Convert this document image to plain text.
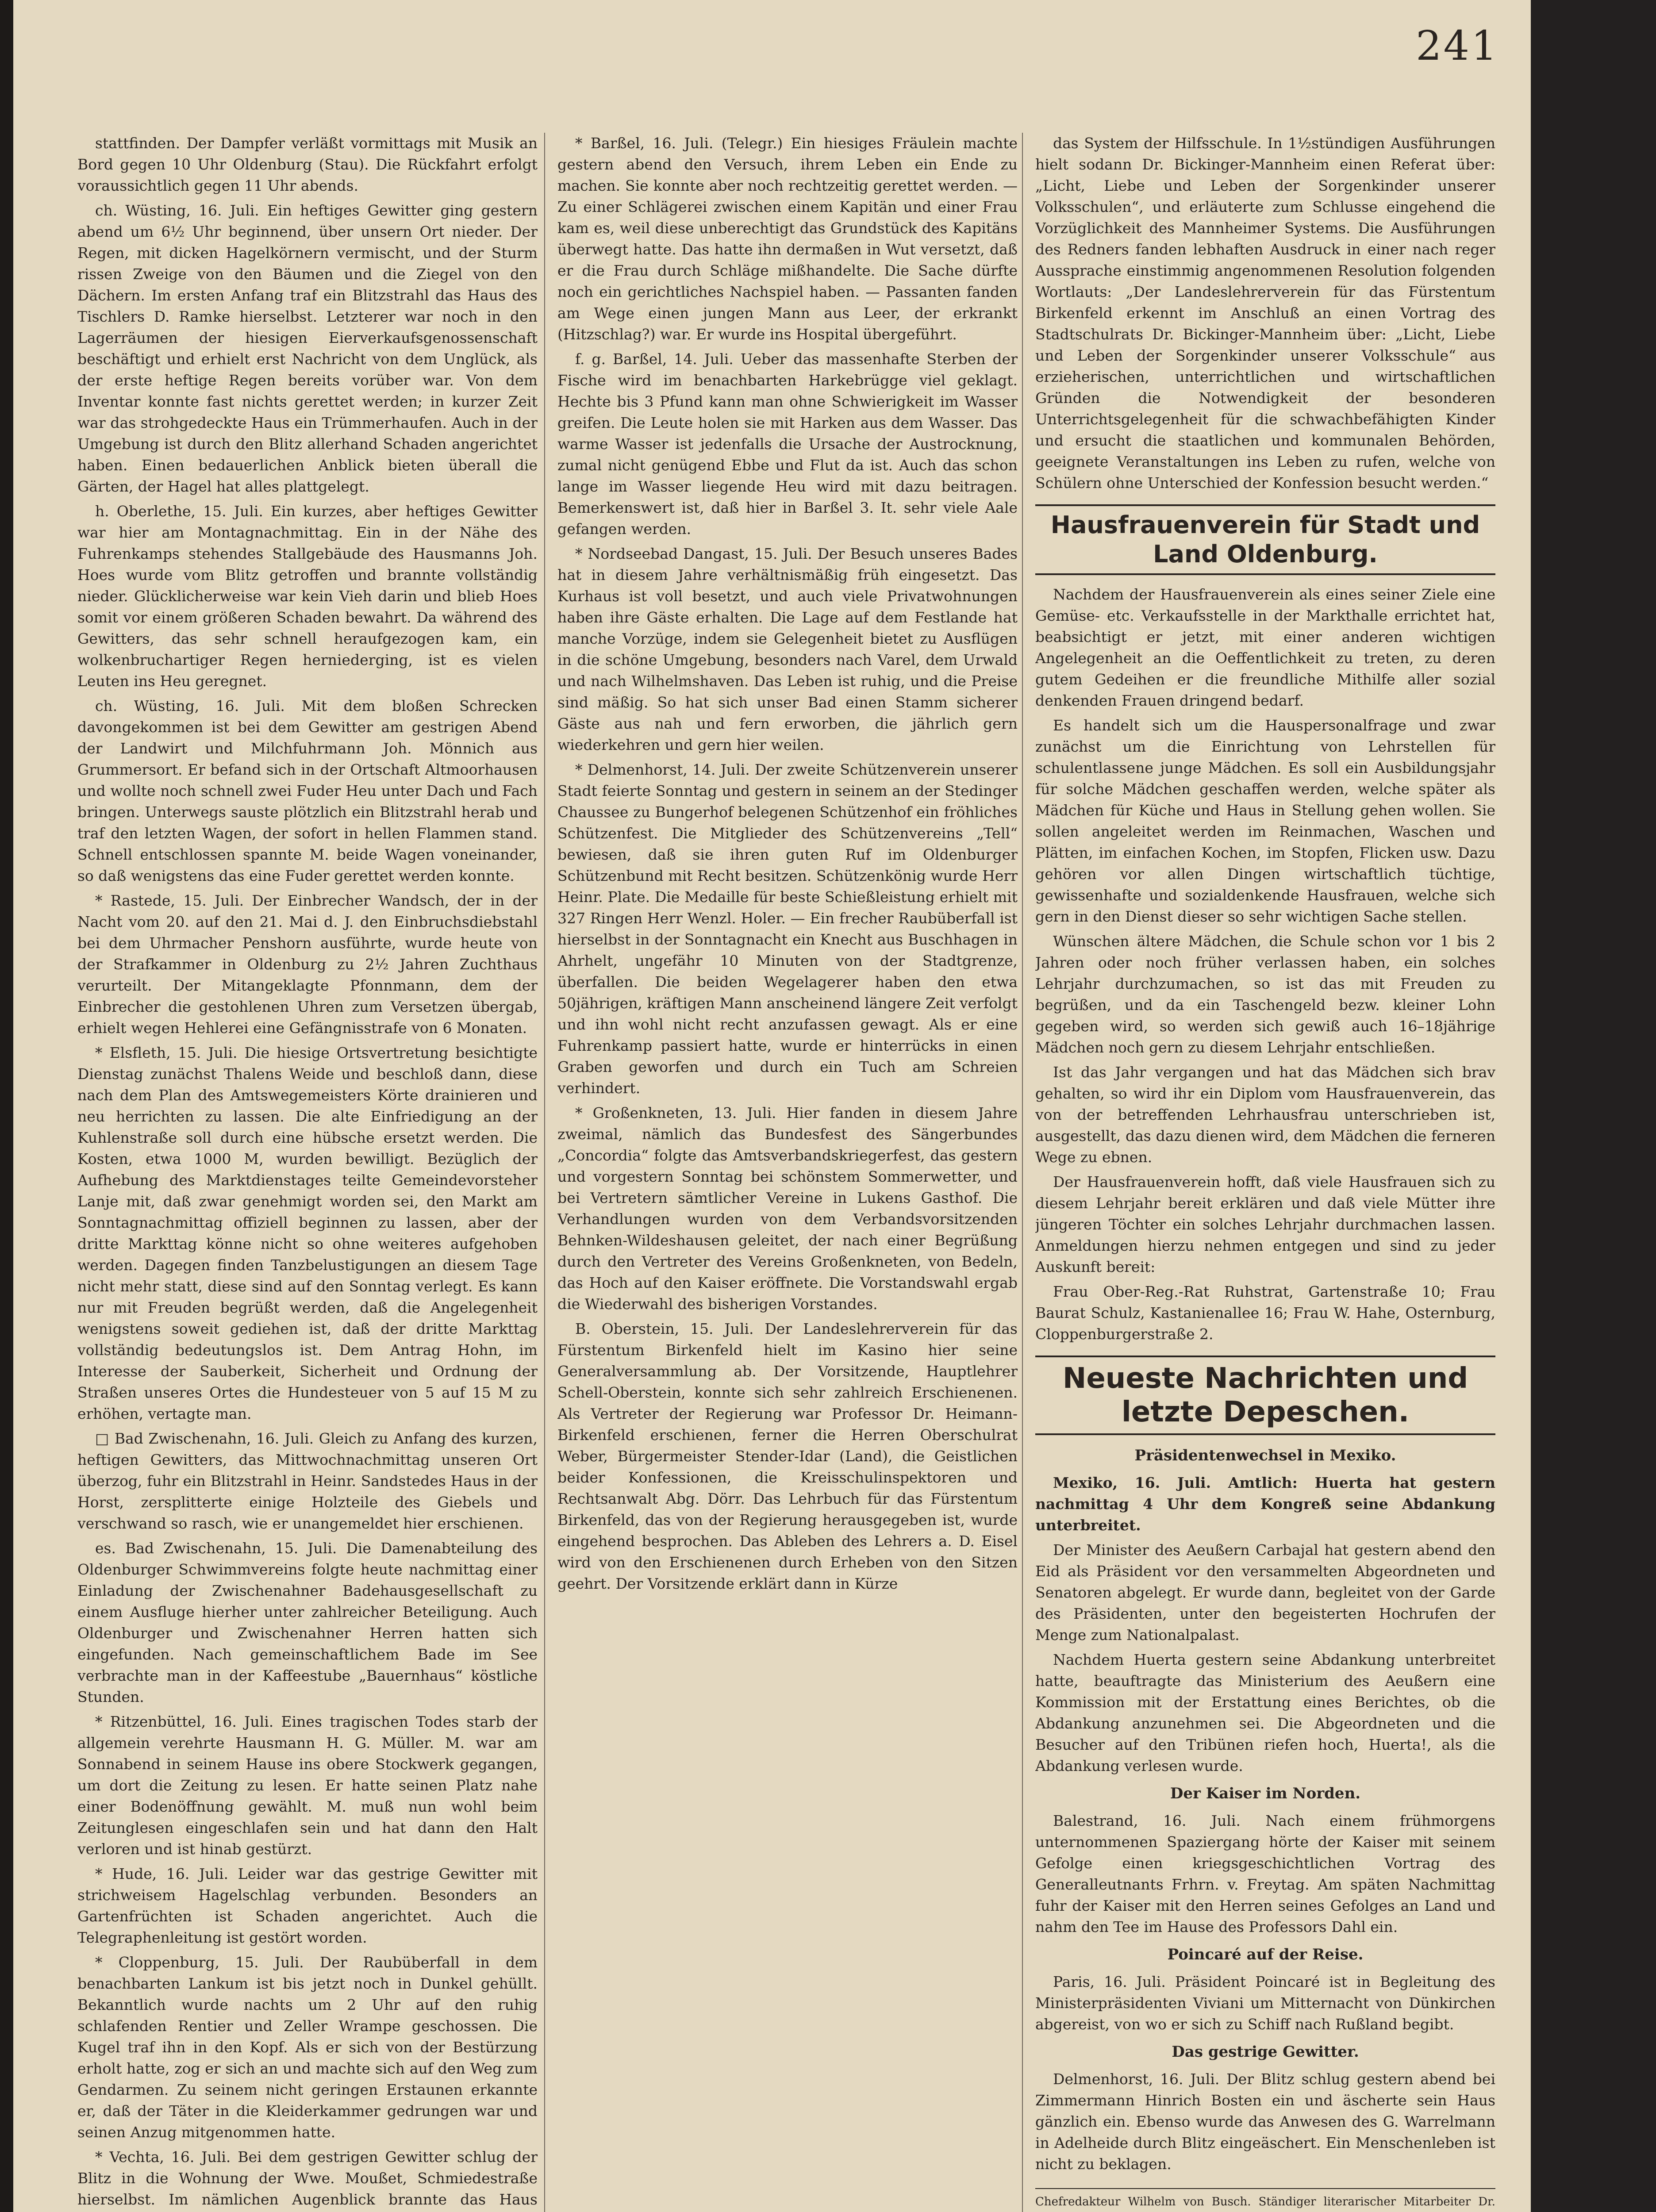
241

stattfinden. Der Dampfer verläßt vormittags mit Musik an Bord gegen 10 Uhr Oldenburg (Stau). Die Rückfahrt erfolgt voraussichtlich gegen 11 Uhr abends.

ch. Wüsting, 16. Juli. Ein heftiges Gewitter ging gestern abend um 6½ Uhr beginnend, über unsern Ort nieder. Der Regen, mit dicken Hagelkörnern vermischt, und der Sturm rissen Zweige von den Bäumen und die Ziegel von den Dächern. Im ersten Anfang traf ein Blitzstrahl das Haus des Tischlers D. Ramke hierselbst. Letzterer war noch in den Lagerräumen der hiesigen Eierverkaufsgenossenschaft beschäftigt und erhielt erst Nachricht von dem Unglück, als der erste heftige Regen bereits vorüber war. Von dem Inventar konnte fast nichts gerettet werden; in kurzer Zeit war das strohgedeckte Haus ein Trümmerhaufen. Auch in der Umgebung ist durch den Blitz allerhand Schaden angerichtet haben. Einen bedauerlichen Anblick bieten überall die Gärten, der Hagel hat alles plattgelegt.

h. Oberlethe, 15. Juli. Ein kurzes, aber heftiges Gewitter war hier am Montagnachmittag. Ein in der Nähe des Fuhrenkamps stehendes Stallgebäude des Hausmanns Joh. Hoes wurde vom Blitz getroffen und brannte vollständig nieder. Glücklicherweise war kein Vieh darin und blieb Hoes somit vor einem größeren Schaden bewahrt. Da während des Gewitters, das sehr schnell heraufgezogen kam, ein wolkenbruchartiger Regen herniederging, ist es vielen Leuten ins Heu geregnet.

ch. Wüsting, 16. Juli. Mit dem bloßen Schrecken davongekommen ist bei dem Gewitter am gestrigen Abend der Landwirt und Milchfuhrmann Joh. Mönnich aus Grummersort. Er befand sich in der Ortschaft Altmoorhausen und wollte noch schnell zwei Fuder Heu unter Dach und Fach bringen. Unterwegs sauste plötzlich ein Blitzstrahl herab und traf den letzten Wagen, der sofort in hellen Flammen stand. Schnell entschlossen spannte M. beide Wagen voneinander, so daß wenigstens das eine Fuder gerettet werden konnte.

* Rastede, 15. Juli. Der Einbrecher Wandsch, der in der Nacht vom 20. auf den 21. Mai d. J. den Einbruchsdiebstahl bei dem Uhrmacher Penshorn ausführte, wurde heute von der Strafkammer in Oldenburg zu 2½ Jahren Zuchthaus verurteilt. Der Mitangeklagte Pfonnmann, dem der Einbrecher die gestohlenen Uhren zum Versetzen übergab, erhielt wegen Hehlerei eine Gefängnisstrafe von 6 Monaten.

* Elsfleth, 15. Juli. Die hiesige Ortsvertretung besichtigte Dienstag zunächst Thalens Weide und beschloß dann, diese nach dem Plan des Amtswegemeisters Körte drainieren und neu herrichten zu lassen. Die alte Einfriedigung an der Kuhlenstraße soll durch eine hübsche ersetzt werden. Die Kosten, etwa 1000 M, wurden bewilligt. Bezüglich der Aufhebung des Marktdienstages teilte Gemeindevorsteher Lanje mit, daß zwar genehmigt worden sei, den Markt am Sonntagnachmittag offiziell beginnen zu lassen, aber der dritte Markttag könne nicht so ohne weiteres aufgehoben werden. Dagegen finden Tanzbelustigungen an diesem Tage nicht mehr statt, diese sind auf den Sonntag verlegt. Es kann nur mit Freuden begrüßt werden, daß die Angelegenheit wenigstens soweit gediehen ist, daß der dritte Markttag vollständig bedeutungslos ist. Dem Antrag Hohn, im Interesse der Sauberkeit, Sicherheit und Ordnung der Straßen unseres Ortes die Hundesteuer von 5 auf 15 M zu erhöhen, vertagte man.

□ Bad Zwischenahn, 16. Juli. Gleich zu Anfang des kurzen, heftigen Gewitters, das Mittwochnachmittag unseren Ort überzog, fuhr ein Blitzstrahl in Heinr. Sandstedes Haus in der Horst, zersplitterte einige Holzteile des Giebels und verschwand so rasch, wie er unangemeldet hier erschienen.

es. Bad Zwischenahn, 15. Juli. Die Damenabteilung des Oldenburger Schwimmvereins folgte heute nachmittag einer Einladung der Zwischenahner Badehausgesellschaft zu einem Ausfluge hierher unter zahlreicher Beteiligung. Auch Oldenburger und Zwischenahner Herren hatten sich eingefunden. Nach gemeinschaftlichem Bade im See verbrachte man in der Kaffeestube „Bauernhaus“ köstliche Stunden.

* Ritzenbüttel, 16. Juli. Eines tragischen Todes starb der allgemein verehrte Hausmann H. G. Müller. M. war am Sonnabend in seinem Hause ins obere Stockwerk gegangen, um dort die Zeitung zu lesen. Er hatte seinen Platz nahe einer Bodenöffnung gewählt. M. muß nun wohl beim Zeitunglesen eingeschlafen sein und hat dann den Halt verloren und ist hinab gestürzt.

* Hude, 16. Juli. Leider war das gestrige Gewitter mit strichweisem Hagelschlag verbunden. Besonders an Gartenfrüchten ist Schaden angerichtet. Auch die Telegraphenleitung ist gestört worden.

* Cloppenburg, 15. Juli. Der Raubüberfall in dem benachbarten Lankum ist bis jetzt noch in Dunkel gehüllt. Bekanntlich wurde nachts um 2 Uhr auf den ruhig schlafenden Rentier und Zeller Wrampe geschossen. Die Kugel traf ihn in den Kopf. Als er sich von der Bestürzung erholt hatte, zog er sich an und machte sich auf den Weg zum Gendarmen. Zu seinem nicht geringen Erstaunen erkannte er, daß der Täter in die Kleiderkammer gedrungen war und seinen Anzug mitgenommen hatte.

* Vechta, 16. Juli. Bei dem gestrigen Gewitter schlug der Blitz in die Wohnung der Wwe. Moußet, Schmiedestraße hierselbst. Im nämlichen Augenblick brannte das Haus

* Barßel, 16. Juli. (Telegr.) Ein hiesiges Fräulein machte gestern abend den Versuch, ihrem Leben ein Ende zu machen. Sie konnte aber noch rechtzeitig gerettet werden. — Zu einer Schlägerei zwischen einem Kapitän und einer Frau kam es, weil diese unberechtigt das Grundstück des Kapitäns überwegt hatte. Das hatte ihn dermaßen in Wut versetzt, daß er die Frau durch Schläge mißhandelte. Die Sache dürfte noch ein gerichtliches Nachspiel haben. — Passanten fanden am Wege einen jungen Mann aus Leer, der erkrankt (Hitzschlag?) war. Er wurde ins Hospital übergeführt.

f. g. Barßel, 14. Juli. Ueber das massenhafte Sterben der Fische wird im benachbarten Harkebrügge viel geklagt. Hechte bis 3 Pfund kann man ohne Schwierigkeit im Wasser greifen. Die Leute holen sie mit Harken aus dem Wasser. Das warme Wasser ist jedenfalls die Ursache der Austrocknung, zumal nicht genügend Ebbe und Flut da ist. Auch das schon lange im Wasser liegende Heu wird mit dazu beitragen. Bemerkenswert ist, daß hier in Barßel 3. It. sehr viele Aale gefangen werden.

* Nordseebad Dangast, 15. Juli. Der Besuch unseres Bades hat in diesem Jahre verhältnismäßig früh eingesetzt. Das Kurhaus ist voll besetzt, und auch viele Privatwohnungen haben ihre Gäste erhalten. Die Lage auf dem Festlande hat manche Vorzüge, indem sie Gelegenheit bietet zu Ausflügen in die schöne Umgebung, besonders nach Varel, dem Urwald und nach Wilhelmshaven. Das Leben ist ruhig, und die Preise sind mäßig. So hat sich unser Bad einen Stamm sicherer Gäste aus nah und fern erworben, die jährlich gern wiederkehren und gern hier weilen.

* Delmenhorst, 14. Juli. Der zweite Schützenverein unserer Stadt feierte Sonntag und gestern in seinem an der Stedinger Chaussee zu Bungerhof belegenen Schützenhof ein fröhliches Schützenfest. Die Mitglieder des Schützenvereins „Tell“ bewiesen, daß sie ihren guten Ruf im Oldenburger Schützenbund mit Recht besitzen. Schützenkönig wurde Herr Heinr. Plate. Die Medaille für beste Schießleistung erhielt mit 327 Ringen Herr Wenzl. Holer. — Ein frecher Raubüberfall ist hierselbst in der Sonntagnacht ein Knecht aus Buschhagen in Ahrhelt, ungefähr 10 Minuten von der Stadtgrenze, überfallen. Die beiden Wegelagerer haben den etwa 50jährigen, kräftigen Mann anscheinend längere Zeit verfolgt und ihn wohl nicht recht anzufassen gewagt. Als er eine Fuhrenkamp passiert hatte, wurde er hinterrücks in einen Graben geworfen und durch ein Tuch am Schreien verhindert.

* Großenkneten, 13. Juli. Hier fanden in diesem Jahre zweimal, nämlich das Bundesfest des Sängerbundes „Concordia“ folgte das Amtsverbandskriegerfest, das gestern und vorgestern Sonntag bei schönstem Sommerwetter, und bei Vertretern sämtlicher Vereine in Lukens Gasthof. Die Verhandlungen wurden von dem Verbandsvorsitzenden Behnken-Wildeshausen geleitet, der nach einer Begrüßung durch den Vertreter des Vereins Großenkneten, von Bedeln, das Hoch auf den Kaiser eröffnete. Die Vorstandswahl ergab die Wiederwahl des bisherigen Vorstandes.

B. Oberstein, 15. Juli. Der Landeslehrerverein für das Fürstentum Birkenfeld hielt im Kasino hier seine Generalversammlung ab. Der Vorsitzende, Hauptlehrer Schell-Oberstein, konnte sich sehr zahlreich Erschienenen. Als Vertreter der Regierung war Professor Dr. Heimann-Birkenfeld erschienen, ferner die Herren Oberschulrat Weber, Bürgermeister Stender-Idar (Land), die Geistlichen beider Konfessionen, die Kreisschulinspektoren und Rechtsanwalt Abg. Dörr. Das Lehrbuch für das Fürstentum Birkenfeld, das von der Regierung herausgegeben ist, wurde eingehend besprochen. Das Ableben des Lehrers a. D. Eisel wird von den Erschienenen durch Erheben von den Sitzen geehrt. Der Vorsitzende erklärt dann in Kürze

das System der Hilfsschule. In 1½stündigen Ausführungen hielt sodann Dr. Bickinger-Mannheim einen Referat über: „Licht, Liebe und Leben der Sorgenkinder unserer Volksschulen“, und erläuterte zum Schlusse eingehend die Vorzüglichkeit des Mannheimer Systems. Die Ausführungen des Redners fanden lebhaften Ausdruck in einer nach reger Aussprache einstimmig angenommenen Resolution folgenden Wortlauts: „Der Landeslehrerverein für das Fürstentum Birkenfeld erkennt im Anschluß an einen Vortrag des Stadtschulrats Dr. Bickinger-Mannheim über: „Licht, Liebe und Leben der Sorgenkinder unserer Volksschule“ aus erzieherischen, unterrichtlichen und wirtschaftlichen Gründen die Notwendigkeit der besonderen Unterrichtsgelegenheit für die schwachbefähigten Kinder und ersucht die staatlichen und kommunalen Behörden, geeignete Veranstaltungen ins Leben zu rufen, welche von Schülern ohne Unterschied der Konfession besucht werden.“

Hausfrauenverein für Stadt und Land Oldenburg.

Nachdem der Hausfrauenverein als eines seiner Ziele eine Gemüse- etc. Verkaufsstelle in der Markthalle errichtet hat, beabsichtigt er jetzt, mit einer anderen wichtigen Angelegenheit an die Oeffentlichkeit zu treten, zu deren gutem Gedeihen er die freundliche Mithilfe aller sozial denkenden Frauen dringend bedarf.

Es handelt sich um die Hauspersonalfrage und zwar zunächst um die Einrichtung von Lehrstellen für schulentlassene junge Mädchen. Es soll ein Ausbildungsjahr für solche Mädchen geschaffen werden, welche später als Mädchen für Küche und Haus in Stellung gehen wollen. Sie sollen angeleitet werden im Reinmachen, Waschen und Plätten, im einfachen Kochen, im Stopfen, Flicken usw. Dazu gehören vor allen Dingen wirtschaftlich tüchtige, gewissenhafte und sozialdenkende Hausfrauen, welche sich gern in den Dienst dieser so sehr wichtigen Sache stellen.

Wünschen ältere Mädchen, die Schule schon vor 1 bis 2 Jahren oder noch früher verlassen haben, ein solches Lehrjahr durchzumachen, so ist das mit Freuden zu begrüßen, und da ein Taschengeld bezw. kleiner Lohn gegeben wird, so werden sich gewiß auch 16–18jährige Mädchen noch gern zu diesem Lehrjahr entschließen.

Ist das Jahr vergangen und hat das Mädchen sich brav gehalten, so wird ihr ein Diplom vom Hausfrauenverein, das von der betreffenden Lehrhausfrau unterschrieben ist, ausgestellt, das dazu dienen wird, dem Mädchen die ferneren Wege zu ebnen.

Der Hausfrauenverein hofft, daß viele Hausfrauen sich zu diesem Lehrjahr bereit erklären und daß viele Mütter ihre jüngeren Töchter ein solches Lehrjahr durchmachen lassen. Anmeldungen hierzu nehmen entgegen und sind zu jeder Auskunft bereit:

Frau Ober-Reg.-Rat Ruhstrat, Gartenstraße 10; Frau Baurat Schulz, Kastanienallee 16; Frau W. Hahe, Osternburg, Cloppenburgerstraße 2.

Neueste Nachrichten und letzte Depeschen.

Präsidentenwechsel in Mexiko.

Mexiko, 16. Juli. Amtlich: Huerta hat gestern nachmittag 4 Uhr dem Kongreß seine Abdankung unterbreitet.

Der Minister des Aeußern Carbajal hat gestern abend den Eid als Präsident vor den versammelten Abgeordneten und Senatoren abgelegt. Er wurde dann, begleitet von der Garde des Präsidenten, unter den begeisterten Hochrufen der Menge zum Nationalpalast.

Nachdem Huerta gestern seine Abdankung unterbreitet hatte, beauftragte das Ministerium des Aeußern eine Kommission mit der Erstattung eines Berichtes, ob die Abdankung anzunehmen sei. Die Abgeordneten und die Besucher auf den Tribünen riefen hoch, Huerta!, als die Abdankung verlesen wurde.

Der Kaiser im Norden.

Balestrand, 16. Juli. Nach einem frühmorgens unternommenen Spaziergang hörte der Kaiser mit seinem Gefolge einen kriegsgeschichtlichen Vortrag des Generalleutnants Frhrn. v. Freytag. Am späten Nachmittag fuhr der Kaiser mit den Herren seines Gefolges an Land und nahm den Tee im Hause des Professors Dahl ein.

Poincaré auf der Reise.

Paris, 16. Juli. Präsident Poincaré ist in Begleitung des Ministerpräsidenten Viviani um Mitternacht von Dünkirchen abgereist, von wo er sich zu Schiff nach Rußland begibt.

Das gestrige Gewitter.

Delmenhorst, 16. Juli. Der Blitz schlug gestern abend bei Zimmermann Hinrich Bosten ein und äscherte sein Haus gänzlich ein. Ebenso wurde das Anwesen des G. Warrelmann in Adelheide durch Blitz eingeäschert. Ein Menschenleben ist nicht zu beklagen.

Chefredakteur Wilhelm von Busch. Ständiger literarischer Mitarbeiter Dr.
